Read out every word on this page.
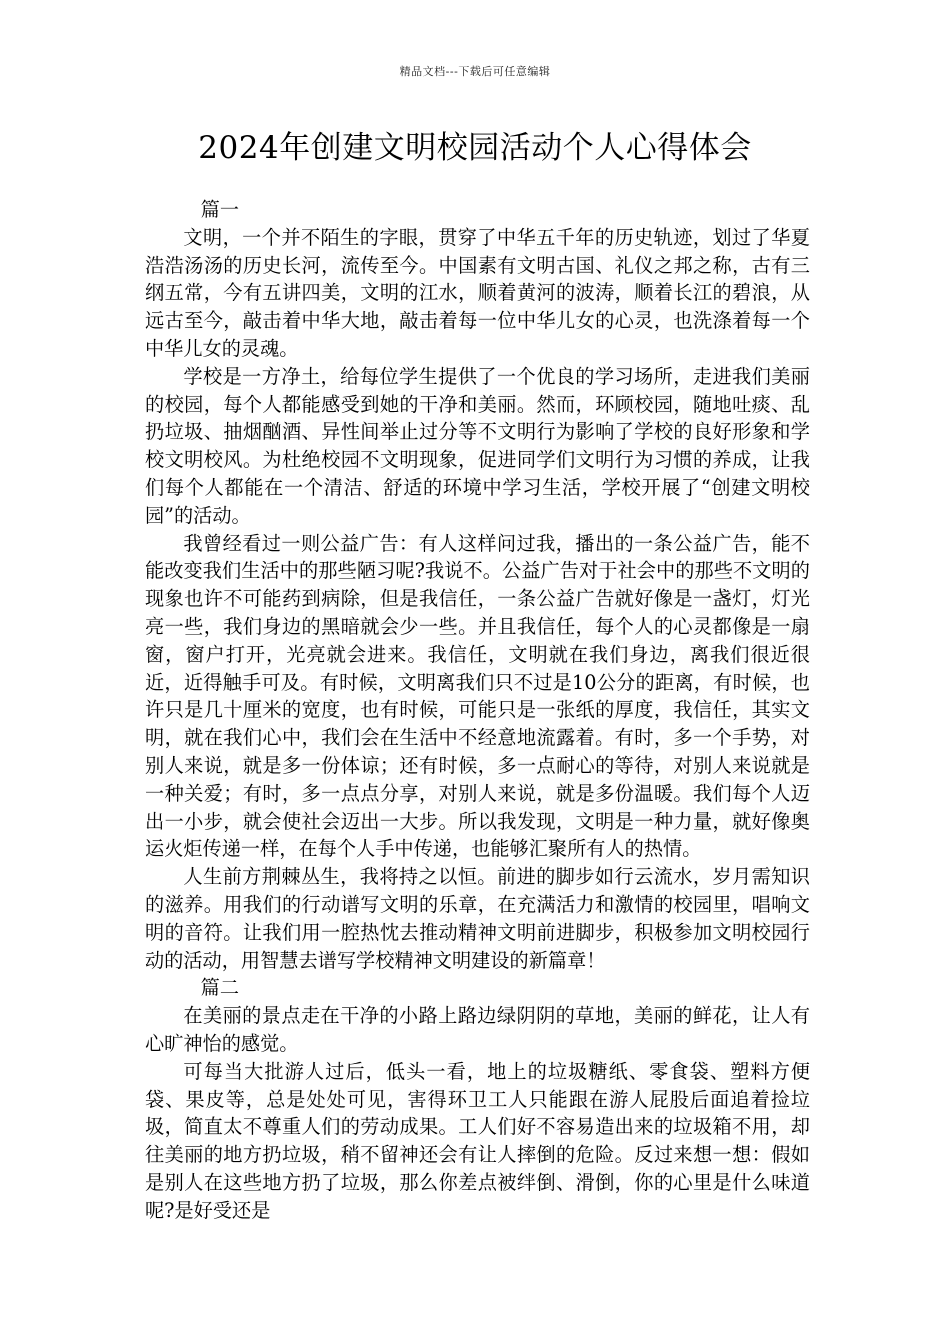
精品文档---下载后可任意编辑
2024年创建文明校园活动个人心得体会

篇一

文明，一个并不陌生的字眼，贯穿了中华五千年的历史轨迹，划过了华夏浩浩汤汤的历史长河，流传至今。中国素有文明古国、礼仪之邦之称，古有三纲五常，今有五讲四美，文明的江水，顺着黄河的波涛，顺着长江的碧浪，从远古至今，敲击着中华大地，敲击着每一位中华儿女的心灵，也洗涤着每一个中华儿女的灵魂。

学校是一方净土，给每位学生提供了一个优良的学习场所，走进我们美丽的校园，每个人都能感受到她的干净和美丽。然而，环顾校园，随地吐痰、乱扔垃圾、抽烟酗酒、异性间举止过分等不文明行为影响了学校的良好形象和学校文明校风。为杜绝校园不文明现象，促进同学们文明行为习惯的养成，让我们每个人都能在一个清洁、舒适的环境中学习生活，学校开展了“创建文明校园”的活动。

我曾经看过一则公益广告：有人这样问过我，播出的一条公益广告，能不能改变我们生活中的那些陋习呢?我说不。公益广告对于社会中的那些不文明的现象也许不可能药到病除，但是我信任，一条公益广告就好像是一盏灯，灯光亮一些，我们身边的黑暗就会少一些。并且我信任，每个人的心灵都像是一扇窗，窗户打开，光亮就会进来。我信任，文明就在我们身边，离我们很近很近，近得触手可及。有时候，文明离我们只不过是10公分的距离，有时候，也许只是几十厘米的宽度，也有时候，可能只是一张纸的厚度，我信任，其实文明，就在我们心中，我们会在生活中不经意地流露着。有时，多一个手势，对别人来说，就是多一份体谅；还有时候，多一点耐心的等待，对别人来说就是一种关爱；有时，多一点点分享，对别人来说，就是多份温暖。我们每个人迈出一小步，就会使社会迈出一大步。所以我发现，文明是一种力量，就好像奥运火炬传递一样，在每个人手中传递，也能够汇聚所有人的热情。

人生前方荆棘丛生，我将持之以恒。前进的脚步如行云流水，岁月需知识的滋养。用我们的行动谱写文明的乐章，在充满活力和激情的校园里，唱响文明的音符。让我们用一腔热忱去推动精神文明前进脚步，积极参加文明校园行动的活动，用智慧去谱写学校精神文明建设的新篇章！

篇二

在美丽的景点走在干净的小路上路边绿阴阴的草地，美丽的鲜花，让人有心旷神怡的感觉。

可每当大批游人过后，低头一看，地上的垃圾糖纸、零食袋、塑料方便袋、果皮等，总是处处可见，害得环卫工人只能跟在游人屁股后面追着捡垃圾，简直太不尊重人们的劳动成果。工人们好不容易造出来的垃圾箱不用，却往美丽的地方扔垃圾，稍不留神还会有让人摔倒的危险。反过来想一想：假如是别人在这些地方扔了垃圾，那么你差点被绊倒、滑倒，你的心里是什么味道呢?是好受还是
